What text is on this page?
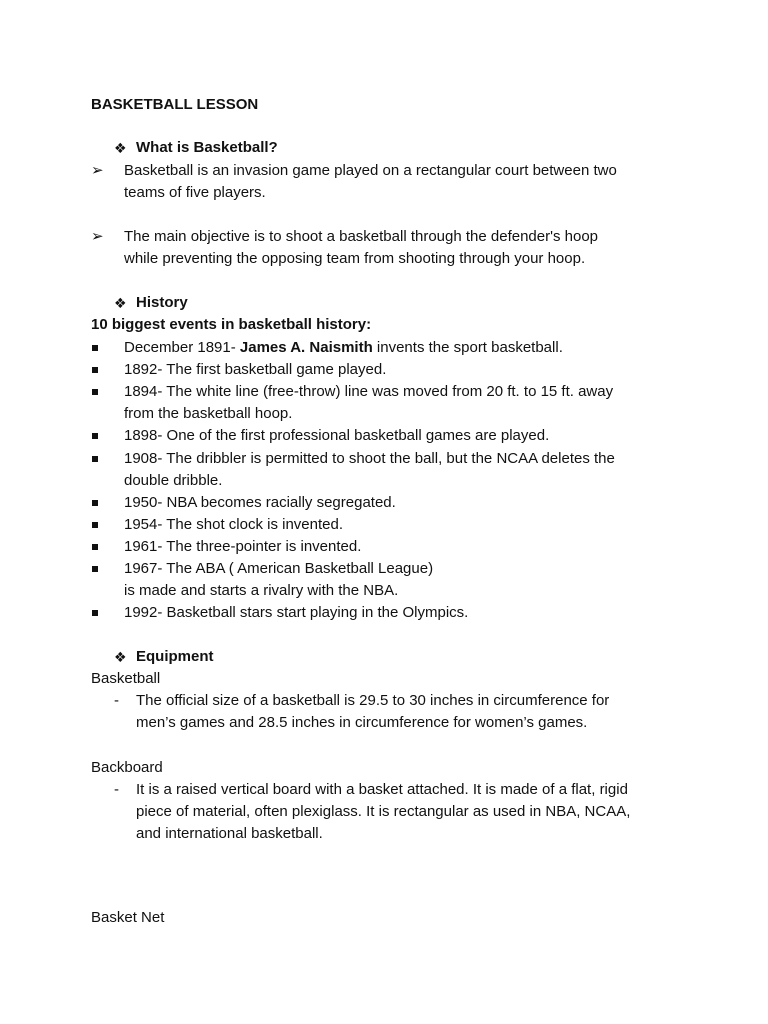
BASKETBALL LESSON
❖ What is Basketball?
➢ Basketball is an invasion game played on a rectangular court between two
teams of five players.
➢ The main objective is to shoot a basketball through the defender's hoop
while preventing the opposing team from shooting through your hoop.
❖ History
10 biggest events in basketball history:
December 1891- James A. Naismith invents the sport basketball.
1892- The first basketball game played.
1894- The white line (free-throw) line was moved from 20 ft. to 15 ft. away
from the basketball hoop.
1898- One of the first professional basketball games are played.
1908- The dribbler is permitted to shoot the ball, but the NCAA deletes the
double dribble.
1950- NBA becomes racially segregated.
1954- The shot clock is invented.
1961- The three-pointer is invented.
1967- The ABA ( American Basketball League)
is made and starts a rivalry with the NBA.
1992- Basketball stars start playing in the Olympics.
❖ Equipment
Basketball
- The official size of a basketball is 29.5 to 30 inches in circumference for
men’s games and 28.5 inches in circumference for women’s games.
Backboard
- It is a raised vertical board with a basket attached. It is made of a flat, rigid
piece of material, often plexiglass. It is rectangular as used in NBA, NCAA,
and international basketball.
Basket Net
